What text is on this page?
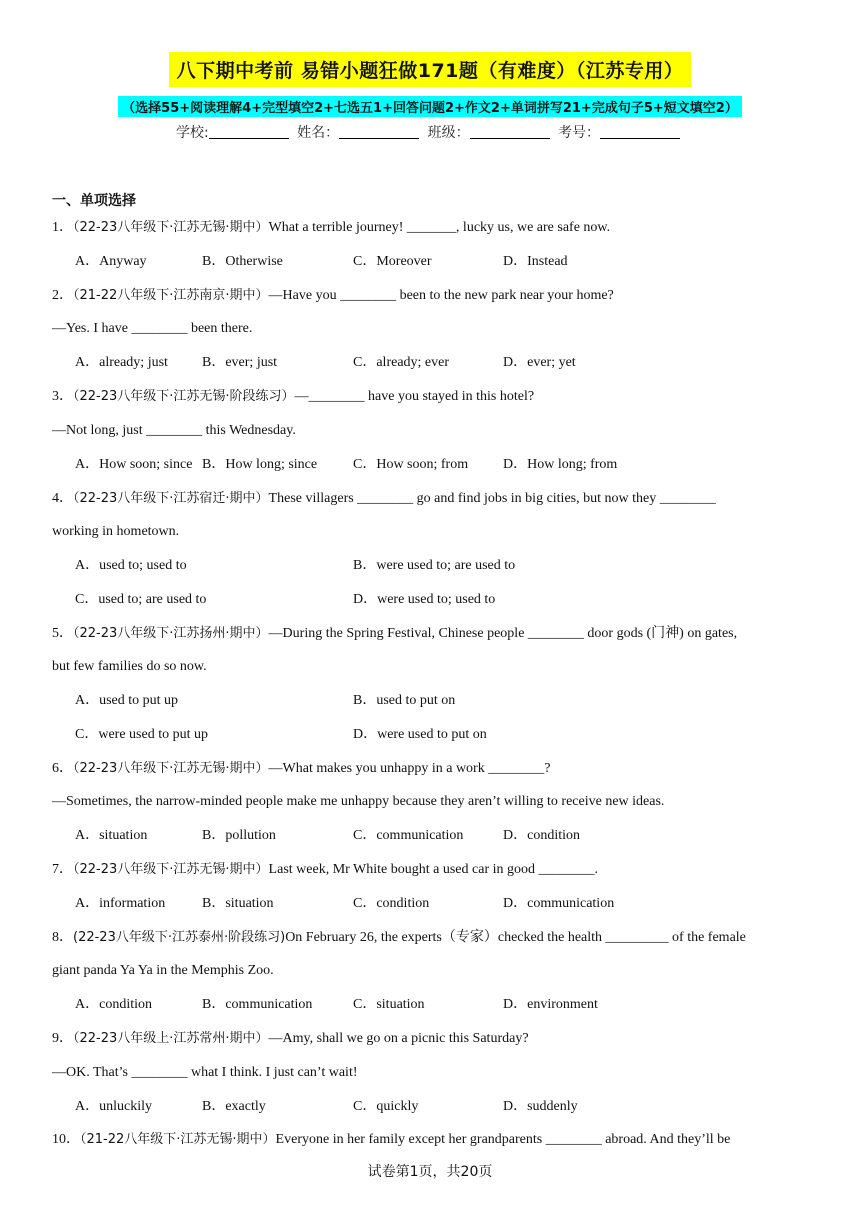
八下期中考前 易错小题狂做171题（有难度）（江苏专用）
（选择55+阅读理解4+完型填空2+七选五1+回答问题2+作文2+单词拼写21+完成句子5+短文填空2）
学校:	姓名：	班级：	考号：
一、单项选择
1．（22-23八年级下·江苏无锡·期中）What a terrible journey! _______, lucky us, we are safe now.
A．Anyway	B．Otherwise	C．Moreover	D．Instead
2．（21-22八年级下·江苏南京·期中）—Have you ________ been to the new park near your home?
—Yes. I have ________ been there.
A．already; just B．ever; just	C．already; ever	D．ever; yet
3．（22-23八年级下·江苏无锡·阶段练习）—________ have you stayed in this hotel?
—Not long, just ________ this Wednesday.
A．How soon; since B．How long; since	C．How soon; from D．How long; from
4．（22-23八年级下·江苏宿迁·期中）These villagers ________ go and find jobs in big cities, but now they ________
working in hometown.
A．used to; used to	B．were used to; are used to
C．used to; are used to	D．were used to; used to
5．（22-23八年级下·江苏扬州·期中）—During the Spring Festival, Chinese people ________ door gods (门神) on gates,
but few families do so now.
A．used to put up	B．used to put on
C．were used to put up	D．were used to put on
6．（22-23八年级下·江苏无锡·期中）—What makes you unhappy in a work ________?
—Sometimes, the narrow-minded people make me unhappy because they aren’t willing to receive new ideas.
A．situation	B．pollution	C．communication	D．condition
7．（22-23八年级下·江苏无锡·期中）Last week, Mr White bought a used car in good ________.
A．information	B．situation	C．condition	D．communication
8．(22-23八年级下·江苏泰州·阶段练习)On February 26, the experts（专家）checked the health _________ of the female
giant panda Ya Ya in the Memphis Zoo.
A．condition	B．communication	C．situation	D．environment
9．（22-23八年级上·江苏常州·期中）—Amy, shall we go on a picnic this Saturday?
—OK. That’s ________ what I think. I just can’t wait!
A．unluckily	B．exactly	C．quickly	D．suddenly
10．（21-22八年级下·江苏无锡·期中）Everyone in her family except her grandparents ________ abroad. And they’ll be
试卷第1页，共20页
